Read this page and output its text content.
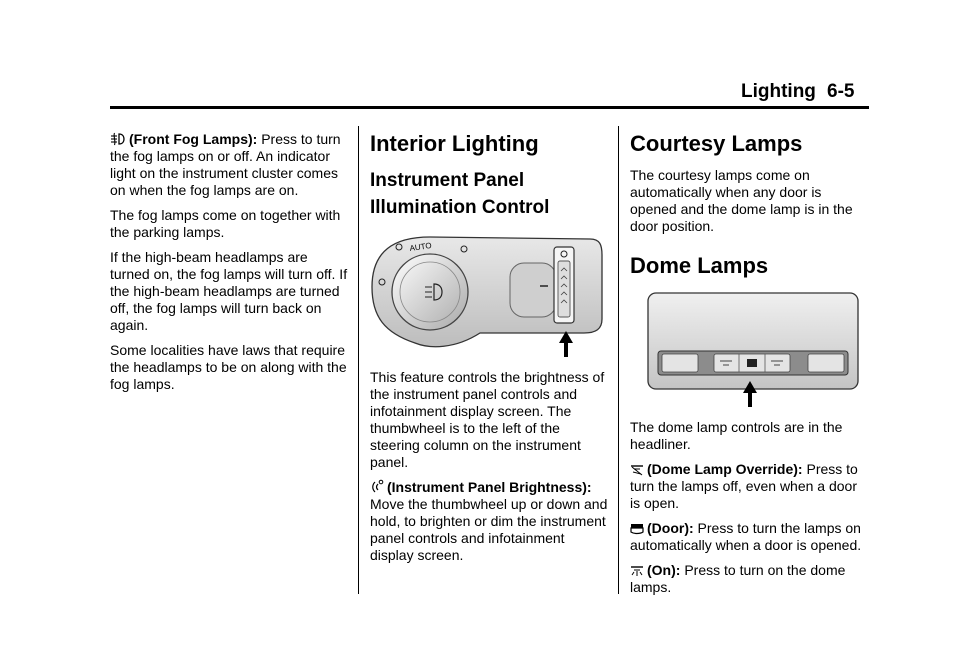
Lighting 6-5

(Front Fog Lamps): Press to turn the fog lamps on or off. An indicator light on the instrument cluster comes on when the fog lamps are on.

The fog lamps come on together with the parking lamps.

If the high-beam headlamps are turned on, the fog lamps will turn off. If the high-beam headlamps are turned off, the fog lamps will turn back on again.

Some localities have laws that require the headlamps to be on along with the fog lamps.

Interior Lighting
Instrument Panel Illumination Control
AUTO

This feature controls the brightness of the instrument panel controls and infotainment display screen. The thumbwheel is to the left of the steering column on the instrument panel.

(Instrument Panel Brightness): Move the thumbwheel up or down and hold, to brighten or dim the instrument panel controls and infotainment display screen.

Courtesy Lamps

The courtesy lamps come on automatically when any door is opened and the dome lamp is in the door position.

Dome Lamps

The dome lamp controls are in the headliner.

(Dome Lamp Override): Press to turn the lamps off, even when a door is open.

(Door): Press to turn the lamps on automatically when a door is opened.

(On): Press to turn on the dome lamps.
